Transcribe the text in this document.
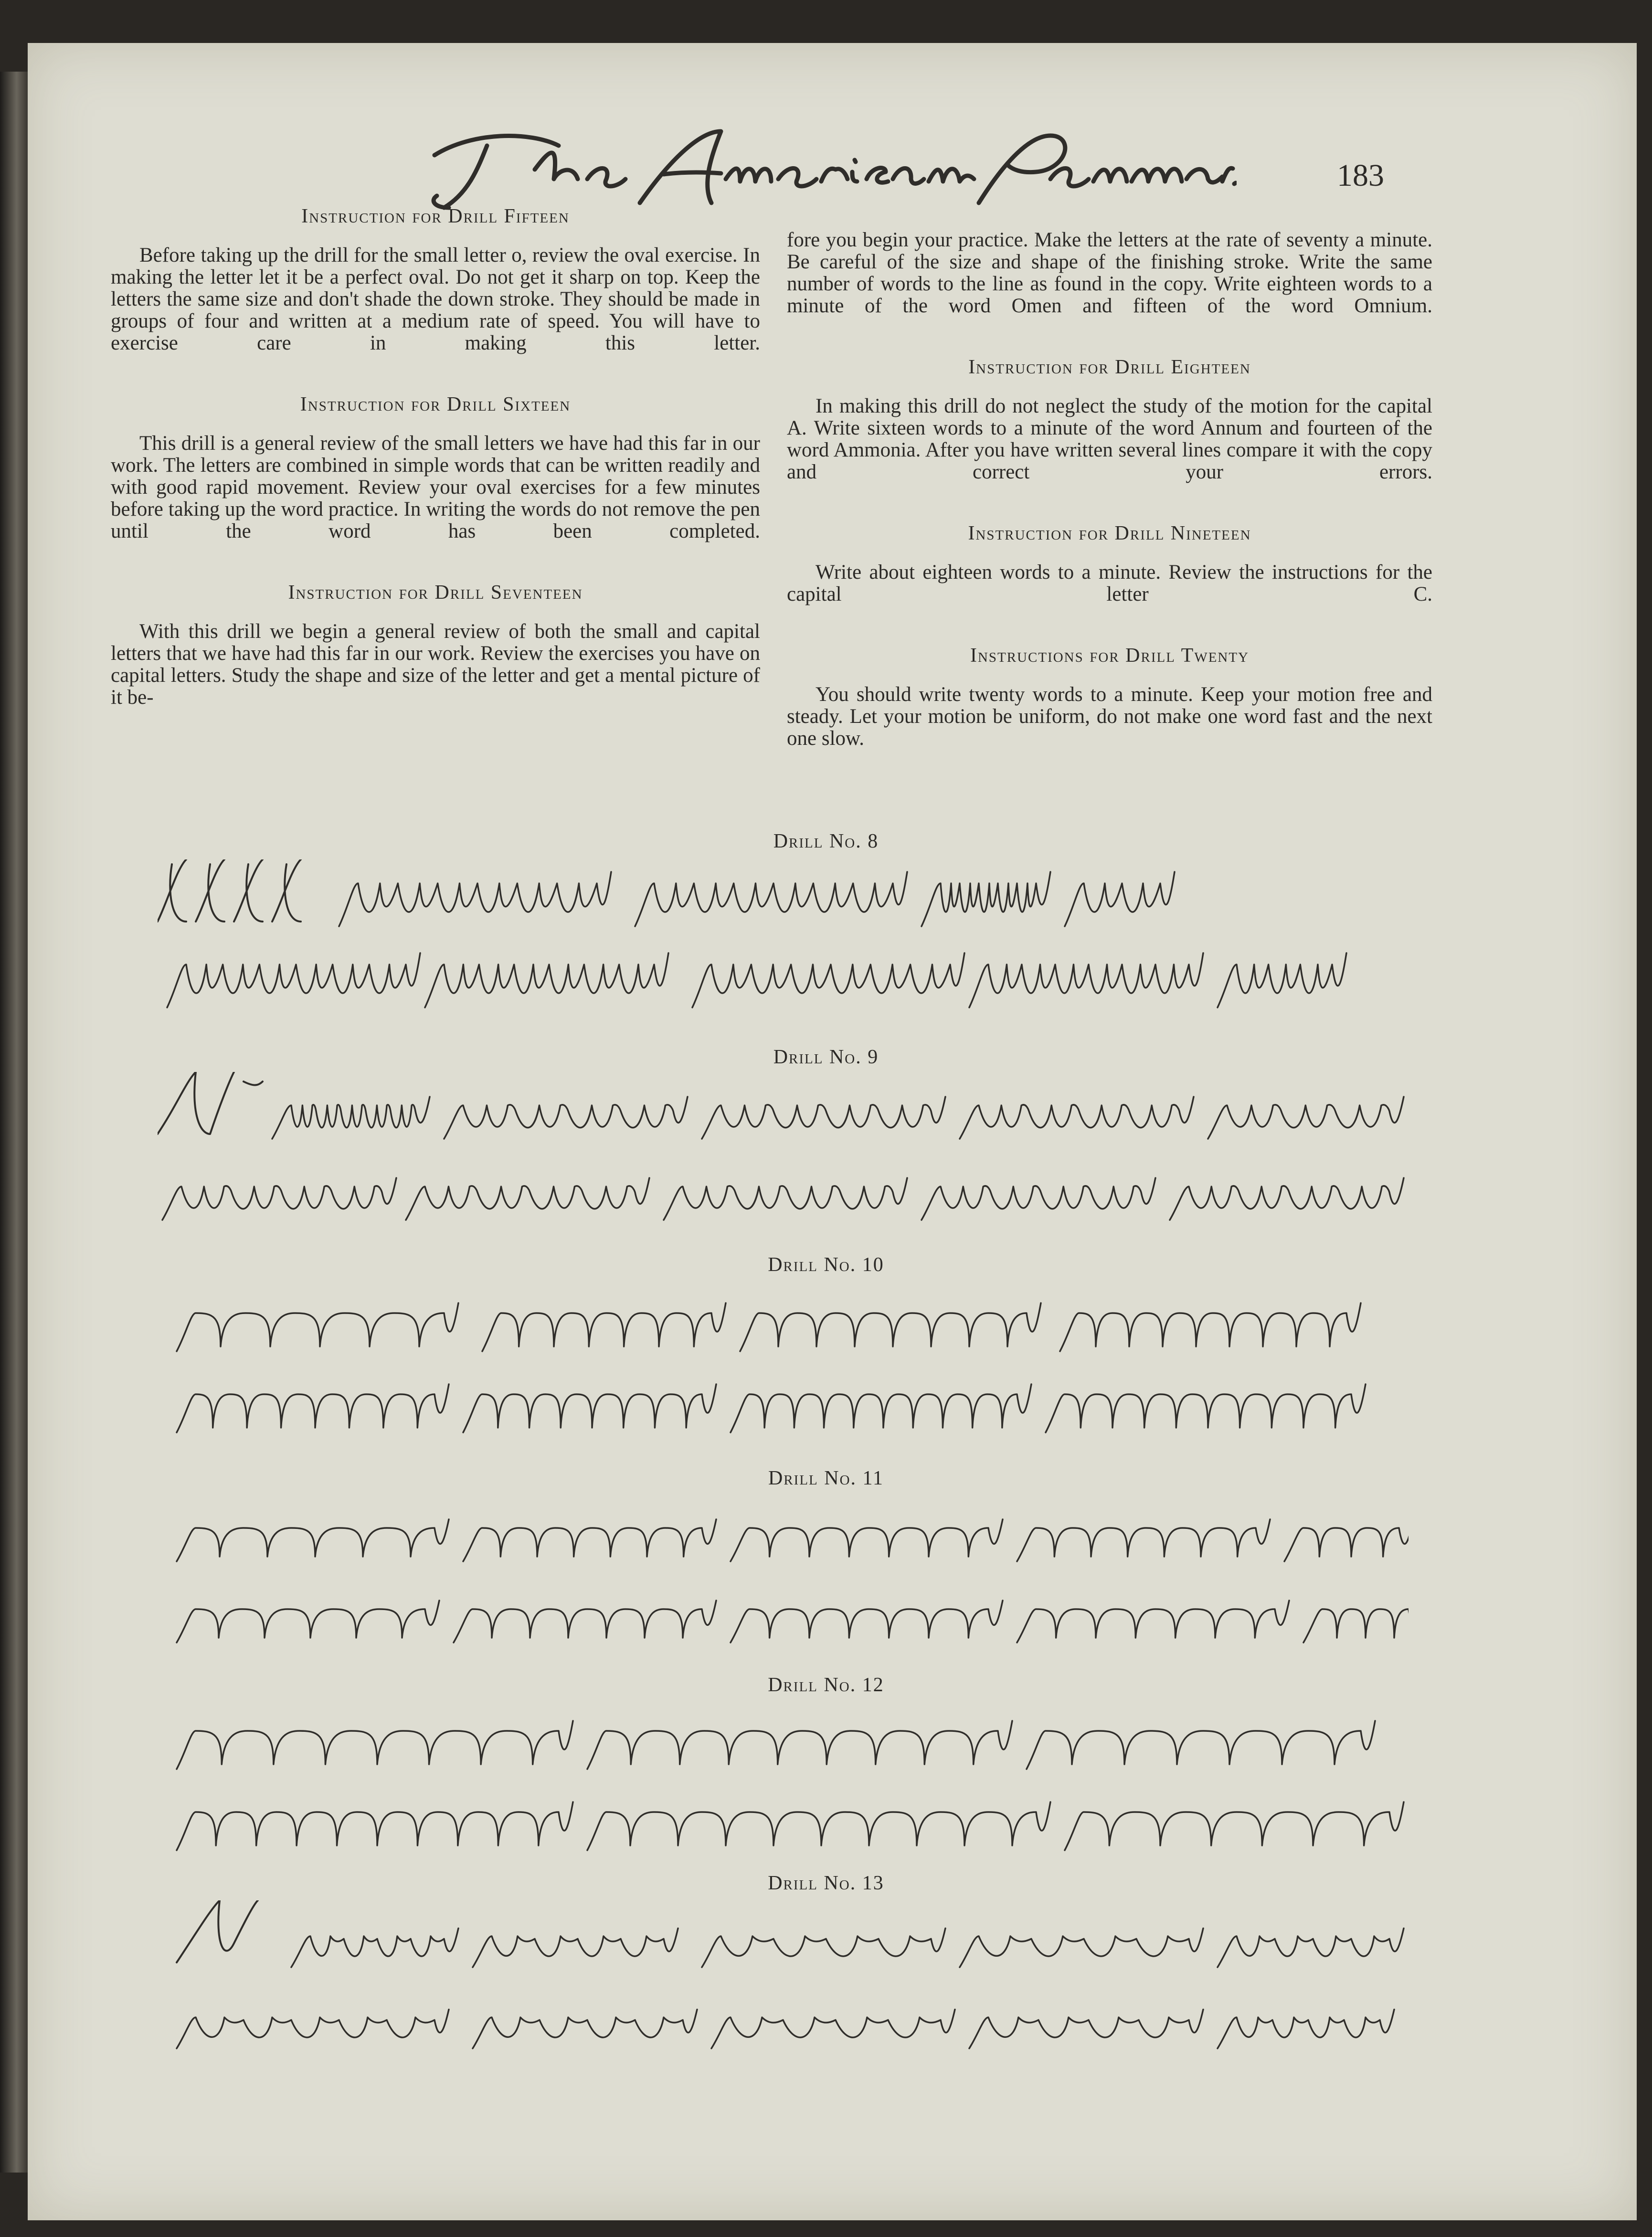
183
Instruction for Drill Fifteen

Before taking up the drill for the small letter o, review the oval exercise. In making the letter let it be a perfect oval. Do not get it sharp on top. Keep the letters the same size and don't shade the down stroke. They should be made in groups of four and written at a medium rate of speed. You will have to exercise care in making this letter.

Instruction for Drill Sixteen

This drill is a general review of the small letters we have had this far in our work. The letters are combined in simple words that can be written readily and with good rapid movement. Review your oval exercises for a few minutes before taking up the word practice. In writing the words do not remove the pen until the word has been completed.

Instruction for Drill Seventeen

With this drill we begin a general review of both the small and capital letters that we have had this far in our work. Review the exercises you have on capital letters. Study the shape and size of the letter and get a mental picture of it be-

fore you begin your practice. Make the letters at the rate of seventy a minute. Be careful of the size and shape of the finishing stroke. Write the same number of words to the line as found in the copy. Write eighteen words to a minute of the word Omen and fifteen of the word Omnium.

Instruction for Drill Eighteen

In making this drill do not neglect the study of the motion for the capital A. Write sixteen words to a minute of the word Annum and fourteen of the word Ammonia. After you have written several lines compare it with the copy and correct your errors.

Instruction for Drill Nineteen

Write about eighteen words to a minute. Review the instructions for the capital letter C.

Instructions for Drill Twenty

You should write twenty words to a minute. Keep your motion free and steady. Let your motion be uniform, do not make one word fast and the next one slow.

Drill No. 8
Drill No. 9
Drill No. 10
Drill No. 11
Drill No. 12
Drill No. 13
